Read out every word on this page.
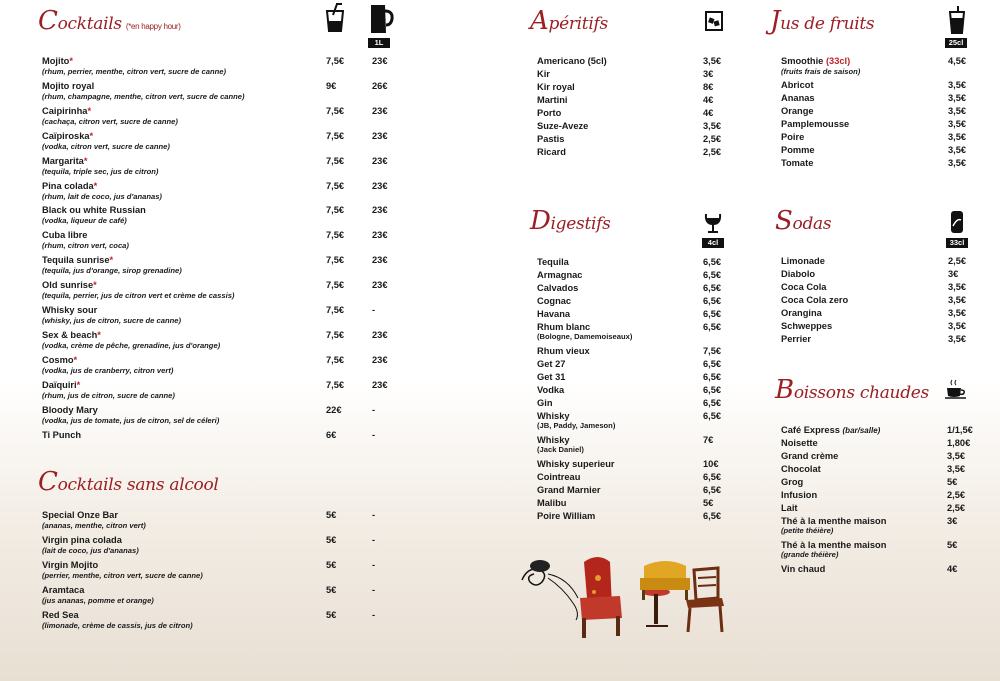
Cocktails (*en happy hour)
Cocktails sans alcool
Apéritifs
Digestifs
Jus de fruits
Sodas
Boissons chaudes
1L	25cl
4cl	33cl
Mojito*
(rhum, perrier, menthe, citron vert, sucre de canne)
7,5€	23€
Mojito royal
(rhum, champagne, menthe, citron vert, sucre de canne)
9€	26€
Caipirinha*
(cachaça, citron vert, sucre de canne)
7,5€	23€
Caïpiroska*
(vodka, citron vert, sucre de canne)
7,5€	23€
Margarita*
(tequila, triple sec, jus de citron)
7,5€	23€
Pina colada*
(rhum, lait de coco, jus d'ananas)
7,5€	23€
Black ou white Russian
(vodka, liqueur de café)
7,5€	23€
Cuba libre
(rhum, citron vert, coca)
7,5€	23€
Tequila sunrise*
(tequila, jus d'orange, sirop grenadine)
7,5€	23€
Old sunrise*
(tequila, perrier, jus de citron vert et crème de cassis)
7,5€	23€
Whisky sour
(whisky, jus de citron, sucre de canne)
7,5€	-
Sex & beach*
(vodka, crème de pêche, grenadine, jus d'orange)
7,5€	23€
Cosmo*
(vodka, jus de cranberry, citron vert)
7,5€	23€
Daïquiri*
(rhum, jus de citron, sucre de canne)
7,5€	23€
Bloody Mary
(vodka, jus de tomate, jus de citron, sel de céleri)
22€	-
Ti Punch	6€	-
Special Onze Bar
(ananas, menthe, citron vert)
5€	-
Virgin pina colada
(lait de coco, jus d'ananas)
5€	-
Virgin Mojito
(perrier, menthe, citron vert, sucre de canne)
5€	-
Aramtaca
(jus ananas, pomme et orange)
5€	-
Red Sea
(limonade, crème de cassis, jus de citron)
5€	-
Americano (5cl)	3,5€
Kir	3€
Kir royal	8€
Martini	4€
Porto	4€
Suze-Aveze	3,5€
Pastis	2,5€
Ricard	2,5€
Tequila	6,5€
Armagnac	6,5€
Calvados	6,5€
Cognac	6,5€
Havana	6,5€
Rhum blanc	6,5€
(Bologne, Damemoiseaux)
Rhum vieux	7,5€
Get 27	6,5€
Get 31	6,5€
Vodka	6,5€
Gin	6,5€
Whisky	6,5€
(JB, Paddy, Jameson)
Whisky	7€
(Jack Daniel)
Whisky superieur	10€
Cointreau	6,5€
Grand Marnier	6,5€
Malibu	5€
Poire William	6,5€
Smoothie (33cl)	4,5€
(fruits frais de saison)
Abricot	3,5€
Ananas	3,5€
Orange	3,5€
Pamplemousse	3,5€
Poire	3,5€
Pomme	3,5€
Tomate	3,5€
Limonade	2,5€
Diabolo	3€
Coca Cola	3,5€
Coca Cola zero	3,5€
Orangina	3,5€
Schweppes	3,5€
Perrier	3,5€
Café Express (bar/salle)	1/1,5€
Noisette	1,80€
Grand crème	3,5€
Chocolat	3,5€
Grog	5€
Infusion	2,5€
Lait	2,5€
Thé à la menthe maison	3€
(petite théière)
Thé à la menthe maison	5€
(grande théière)
Vin chaud	4€
